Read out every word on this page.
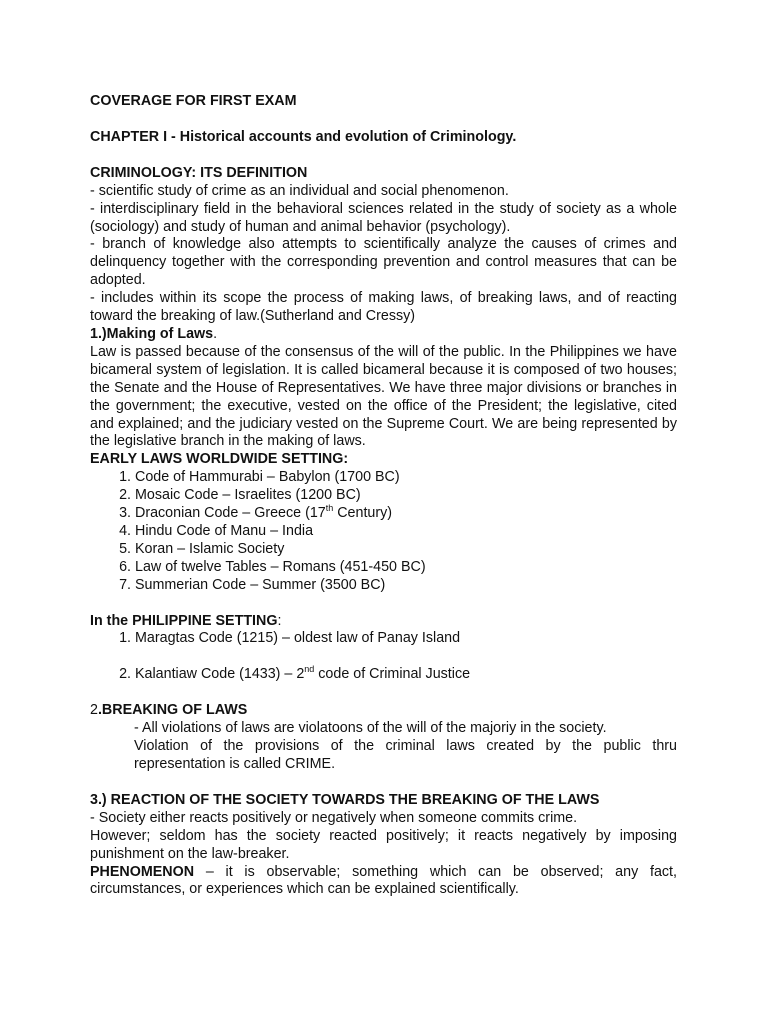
COVERAGE FOR FIRST EXAM

CHAPTER I - Historical accounts and evolution of Criminology.

CRIMINOLOGY: ITS DEFINITION

- scientific study of crime as an individual and social phenomenon.

- interdisciplinary field in the behavioral sciences related in the study of society as a whole (sociology) and study of human and animal behavior (psychology).

- branch of knowledge also attempts to scientifically analyze the causes of crimes and delinquency together with the corresponding prevention and control measures that can be adopted.

- includes within its scope the process of making laws, of breaking laws, and of reacting toward the breaking of law.(Sutherland and Cressy)

1.)Making of Laws.

Law is passed because of the consensus of the will of the public. In the Philippines we have bicameral system of legislation. It is called bicameral because it is composed of two houses; the Senate and the House of Representatives. We have three major divisions or branches in the government; the executive, vested on the office of the President; the legislative, cited and explained; and the judiciary vested on the Supreme Court. We are being represented by the legislative branch in the making of laws.

EARLY LAWS WORLDWIDE SETTING:

1. Code of Hammurabi – Babylon (1700 BC)
2. Mosaic Code – Israelites (1200 BC)
3. Draconian Code – Greece (17th Century)
4. Hindu Code of Manu – India
5. Koran – Islamic Society
6. Law of twelve Tables – Romans (451-450 BC)
7. Summerian Code – Summer (3500 BC)

In the PHILIPPINE SETTING:

1. Maragtas Code (1215) – oldest law of Panay Island
2. Kalantiaw Code (1433) – 2nd code of Criminal Justice

2.BREAKING OF LAWS

- All violations of laws are violatoons of the will of the majoriy in the society.

Violation of the provisions of the criminal laws created by the public thru representation is called CRIME.

3.) REACTION OF THE SOCIETY TOWARDS THE BREAKING OF THE LAWS

- Society either reacts positively or negatively when someone commits crime.

However; seldom has the society reacted positively; it reacts negatively by imposing punishment on the law-breaker.

PHENOMENON – it is observable; something which can be observed; any fact, circumstances, or experiences which can be explained scientifically.
